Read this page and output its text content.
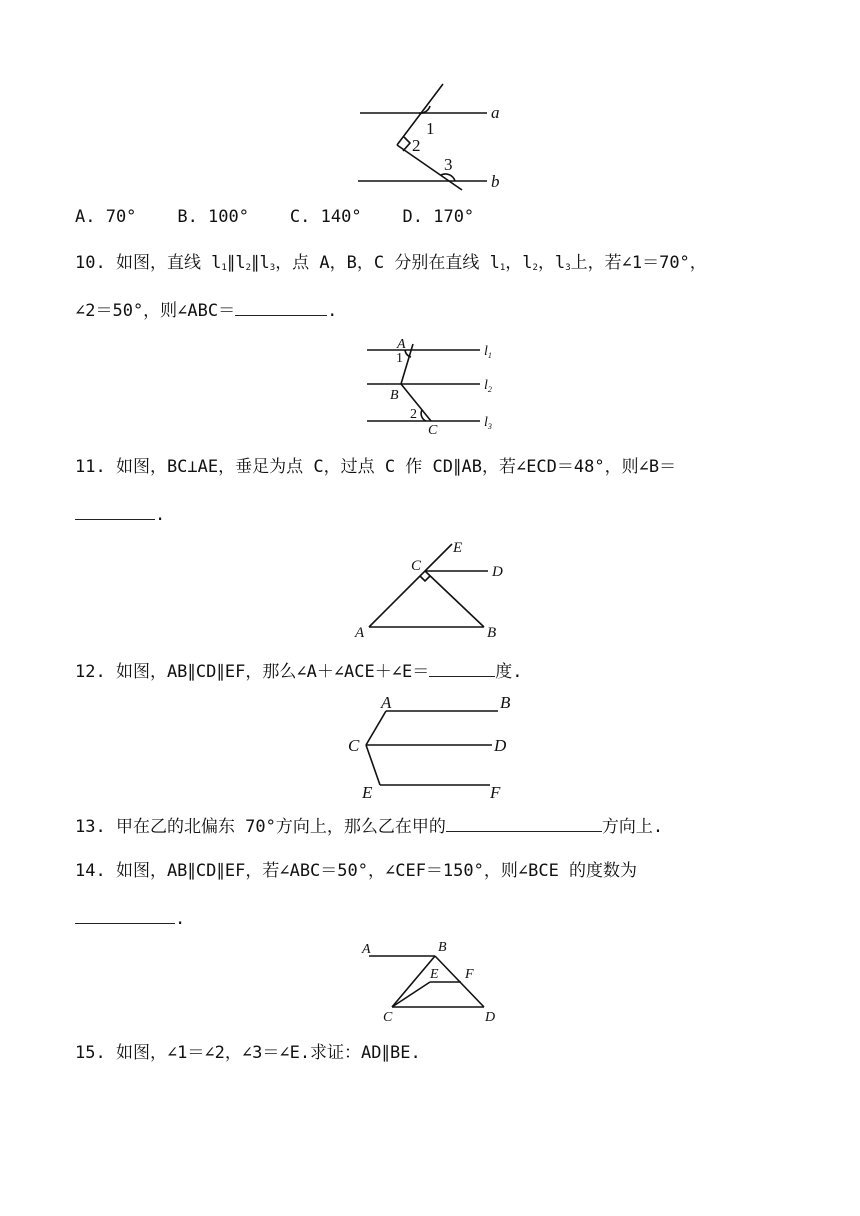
a
b
1
2
3
A
1
B
2
C
$l_1$
$l_2$
$l_3$
C
E
D
A	B
A	B
C	D
E	F
A	B
E F
C	D
A. 70°    B. 100°    C. 140°    D. 170°
10. 如图，直线 $l_1\parallel l_2\parallel l_3$，点 A，B，C 分别在直线 $l_1$，$l_2$，$l_3$上，若∠1＝70°，
∠2＝50°，则∠ABC＝	.
11. 如图，BC⊥AE，垂足为点 C，过点 C 作 CD∥AB，若∠ECD＝48°，则∠B＝
.
12. 如图，AB∥CD∥EF，那么∠A＋∠ACE＋∠E＝	度.
13. 甲在乙的北偏东 70°方向上，那么乙在甲的	方向上.
14. 如图，AB∥CD∥EF，若∠ABC＝50°，∠CEF＝150°，则∠BCE 的度数为
.
15. 如图，∠1＝∠2，∠3＝∠E.求证：AD∥BE.
